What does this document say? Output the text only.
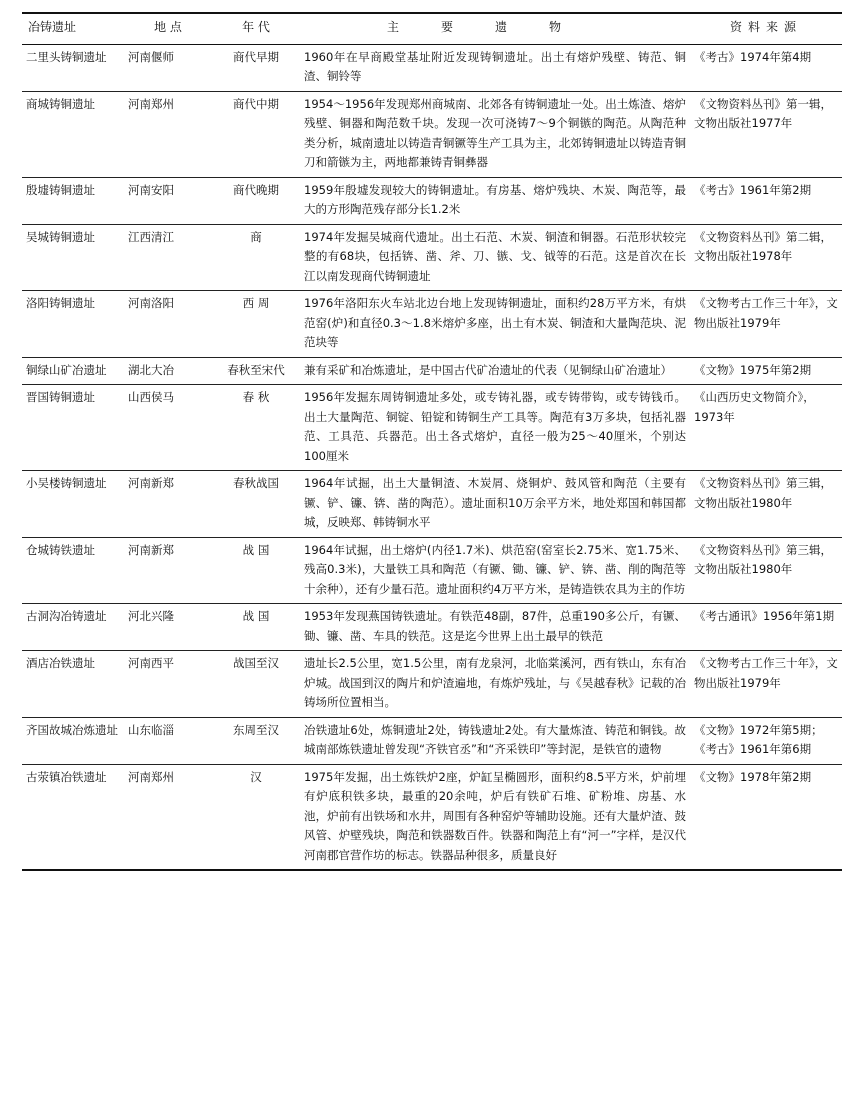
冶铸遗址	地 点	年 代	主要遗物	资料来源
二里头铸铜遗址	河南偃师	商代早期	1960年在早商殿堂基址附近发现铸铜遗址。出土有熔炉残壁、铸范、铜渣、铜铃等	《考古》1974年第4期
商城铸铜遗址	河南郑州	商代中期	1954～1956年发现郑州商城南、北郊各有铸铜遗址一处。出土炼渣、熔炉残壁、铜器和陶范数千块。发现一次可浇铸7～9个铜镞的陶范。从陶范种类分析，城南遗址以铸造青铜镢等生产工具为主，北郊铸铜遗址以铸造青铜刀和箭镞为主，两地都兼铸青铜彝器	《文物资料丛刊》第一辑，文物出版社1977年
殷墟铸铜遗址	河南安阳	商代晚期	1959年殷墟发现较大的铸铜遗址。有房基、熔炉残块、木炭、陶范等，最大的方形陶范残存部分长1.2米	《考古》1961年第2期
吴城铸铜遗址	江西清江	商	1974年发掘吴城商代遗址。出土石范、木炭、铜渣和铜器。石范形状较完整的有68块，包括锛、凿、斧、刀、镞、戈、钺等的石范。这是首次在长江以南发现商代铸铜遗址	《文物资料丛刊》第二辑，文物出版社1978年
洛阳铸铜遗址	河南洛阳	西 周	1976年洛阳东火车站北边台地上发现铸铜遗址，面积约28万平方米，有烘范窑(炉)和直径0.3～1.8米熔炉多座，出土有木炭、铜渣和大量陶范块、泥范块等	《文物考古工作三十年》，文物出版社1979年
铜绿山矿冶遗址	湖北大冶	春秋至宋代	兼有采矿和冶炼遗址，是中国古代矿冶遗址的代表（见铜绿山矿冶遗址）	《文物》1975年第2期
晋国铸铜遗址	山西侯马	春 秋	1956年发掘东周铸铜遗址多处，或专铸礼器，或专铸带钩，或专铸钱币。出土大量陶范、铜锭、铅锭和铸铜生产工具等。陶范有3万多块，包括礼器范、工具范、兵器范。出土各式熔炉，直径一般为25～40厘米，个别达100厘米	《山西历史文物简介》，1973年
小吴楼铸铜遗址	河南新郑	春秋战国	1964年试掘，出土大量铜渣、木炭屑、烧铜炉、鼓风管和陶范（主要有镢、铲、镰、锛、凿的陶范）。遗址面积10万余平方米，地处郑国和韩国都城，反映郑、韩铸铜水平	《文物资料丛刊》第三辑，文物出版社1980年
仓城铸铁遗址	河南新郑	战 国	1964年试掘，出土熔炉(内径1.7米)、烘范窑(窑室长2.75米、宽1.75米、残高0.3米)，大量铁工具和陶范（有镢、锄、镰、铲、锛、凿、削的陶范等十余种），还有少量石范。遗址面积约4万平方米，是铸造铁农具为主的作坊	《文物资料丛刊》第三辑，文物出版社1980年
古洞沟冶铸遗址	河北兴隆	战 国	1953年发现燕国铸铁遗址。有铁范48副，87件，总重190多公斤，有镢、锄、镰、凿、车具的铁范。这是迄今世界上出土最早的铁范	《考古通讯》1956年第1期
酒店冶铁遗址	河南西平	战国至汉	遗址长2.5公里，宽1.5公里，南有龙泉河，北临棠溪河，西有铁山，东有冶炉城。战国到汉的陶片和炉渣遍地，有炼炉残址，与《吴越春秋》记载的冶铸场所位置相当。	《文物考古工作三十年》，文物出版社1979年
齐国故城冶炼遗址	山东临淄	东周至汉	冶铁遗址6处，炼铜遗址2处，铸钱遗址2处。有大量炼渣、铸范和铜钱。故城南部炼铁遗址曾发现“齐铁官丞”和“齐采铁印”等封泥，是铁官的遗物	《文物》1972年第5期；《考古》1961年第6期
古荥镇冶铁遗址	河南郑州	汉	1975年发掘，出土炼铁炉2座，炉缸呈椭圆形，面积约8.5平方米，炉前埋有炉底积铁多块，最重的20余吨，炉后有铁矿石堆、矿粉堆、房基、水池，炉前有出铁场和水井，周围有各种窑炉等辅助设施。还有大量炉渣、鼓风管、炉壁残块，陶范和铁器数百件。铁器和陶范上有“河一”字样，是汉代河南郡官营作坊的标志。铁器品种很多，质量良好	《文物》1978年第2期
